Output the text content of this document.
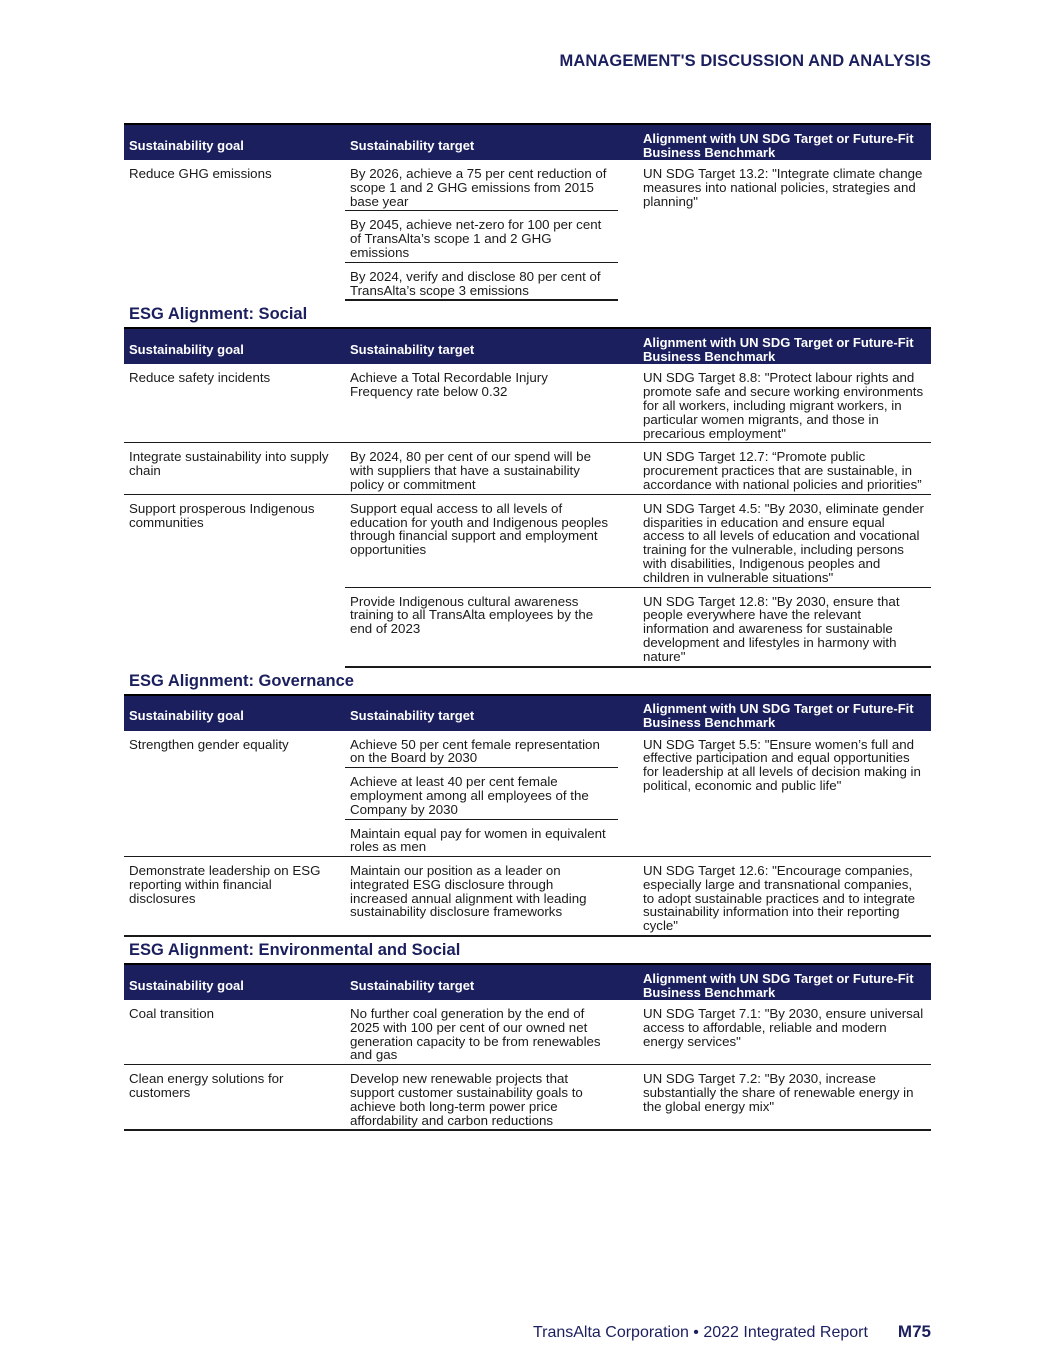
MANAGEMENT'S DISCUSSION AND ANALYSIS
Sustainability goal	Sustainability target		Alignment with UN SDG Target or Future-Fit Business Benchmark
Reduce GHG emissions	By 2026, achieve a 75 per cent reduction of scope 1 and 2 GHG emissions from 2015 base year		UN SDG Target 13.2: "Integrate climate change measures into national policies, strategies and planning"
	By 2045, achieve net-zero for 100 per cent of TransAlta’s scope 1 and 2 GHG emissions		
	By 2024, verify and disclose 80 per cent of TransAlta’s scope 3 emissions		
ESG Alignment: Social
Sustainability goal	Sustainability target		Alignment with UN SDG Target or Future-Fit Business Benchmark
Reduce safety incidents	Achieve a Total Recordable Injury Frequency rate below 0.32		UN SDG Target 8.8: "Protect labour rights and promote safe and secure working environments for all workers, including migrant workers, in particular women migrants, and those in precarious employment"
Integrate sustainability into supply chain	By 2024, 80 per cent of our spend will be with suppliers that have a sustainability policy or commitment		UN SDG Target 12.7: “Promote public procurement practices that are sustainable, in accordance with national policies and priorities”
Support prosperous Indigenous communities	Support equal access to all levels of education for youth and Indigenous peoples through financial support and employment opportunities		UN SDG Target 4.5: "By 2030, eliminate gender disparities in education and ensure equal access to all levels of education and vocational training for the vulnerable, including persons with disabilities, Indigenous peoples and children in vulnerable situations"
	Provide Indigenous cultural awareness training to all TransAlta employees by the end of 2023		UN SDG Target 12.8: "By 2030, ensure that people everywhere have the relevant information and awareness for sustainable development and lifestyles in harmony with nature"
ESG Alignment: Governance
Sustainability goal	Sustainability target		Alignment with UN SDG Target or Future-Fit Business Benchmark
Strengthen gender equality	Achieve 50 per cent female representation on the Board by 2030		UN SDG Target 5.5: "Ensure women’s full and effective participation and equal opportunities for leadership at all levels of decision making in political, economic and public life"
	Achieve at least 40 per cent female employment among all employees of the Company by 2030		
	Maintain equal pay for women in equivalent roles as men		
Demonstrate leadership on ESG reporting within financial disclosures	Maintain our position as a leader on integrated ESG disclosure through increased annual alignment with leading sustainability disclosure frameworks		UN SDG Target 12.6: "Encourage companies, especially large and transnational companies, to adopt sustainable practices and to integrate sustainability information into their reporting cycle"
ESG Alignment: Environmental and Social
Sustainability goal	Sustainability target		Alignment with UN SDG Target or Future-Fit Business Benchmark
Coal transition	No further coal generation by the end of 2025 with 100 per cent of our owned net generation capacity to be from renewables and gas		UN SDG Target 7.1: "By 2030, ensure universal access to affordable, reliable and modern energy services"
Clean energy solutions for customers	Develop new renewable projects that support customer sustainability goals to achieve both long-term power price affordability and carbon reductions		UN SDG Target 7.2: "By 2030, increase substantially the share of renewable energy in the global energy mix"
TransAlta Corporation • 2022 Integrated Report M75
